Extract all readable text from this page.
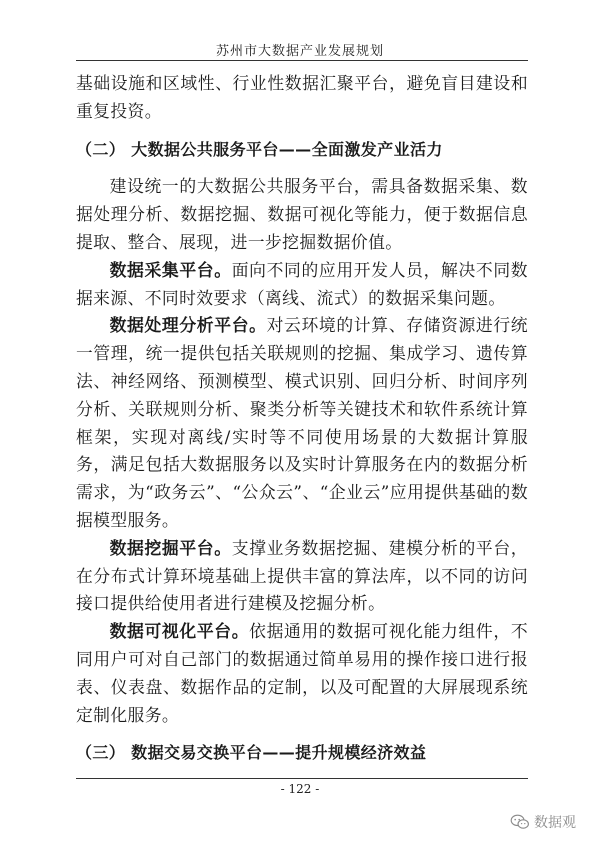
苏州市大数据产业发展规划

基础设施和区域性、行业性数据汇聚平台，避免盲目建设和重复投资。

（二） 大数据公共服务平台——全面激发产业活力

建设统一的大数据公共服务平台，需具备数据采集、数据处理分析、数据挖掘、数据可视化等能力，便于数据信息提取、整合、展现，进一步挖掘数据价值。

数据采集平台。面向不同的应用开发人员，解决不同数据来源、不同时效要求（离线、流式）的数据采集问题。

数据处理分析平台。对云环境的计算、存储资源进行统一管理，统一提供包括关联规则的挖掘、集成学习、遗传算法、神经网络、预测模型、模式识别、回归分析、时间序列分析、关联规则分析、聚类分析等关键技术和软件系统计算框架，实现对离线/实时等不同使用场景的大数据计算服务，满足包括大数据服务以及实时计算服务在内的数据分析需求，为“政务云”、“公众云”、“企业云”应用提供基础的数据模型服务。

数据挖掘平台。支撑业务数据挖掘、建模分析的平台，在分布式计算环境基础上提供丰富的算法库，以不同的访问接口提供给使用者进行建模及挖掘分析。

数据可视化平台。依据通用的数据可视化能力组件，不同用户可对自己部门的数据通过简单易用的操作接口进行报表、仪表盘、数据作品的定制，以及可配置的大屏展现系统定制化服务。

（三） 数据交易交换平台——提升规模经济效益

- 122 -
数据观
